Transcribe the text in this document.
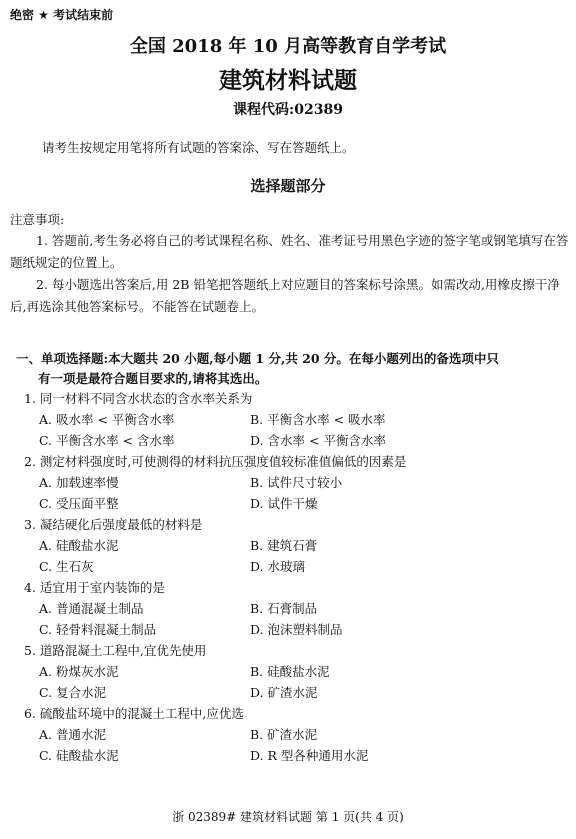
绝密 ★ 考试结束前
全国 2018 年 10 月高等教育自学考试
建筑材料试题
课程代码:02389
请考生按规定用笔将所有试题的答案涂、写在答题纸上。
选择题部分
注意事项:
1. 答题前,考生务必将自己的考试课程名称、姓名、准考证号用黑色字迹的签字笔或钢笔填写在答题纸规定的位置上。
2. 每小题选出答案后,用 2B 铅笔把答题纸上对应题目的答案标号涂黑。如需改动,用橡皮擦干净后,再选涂其他答案标号。不能答在试题卷上。
一、单项选择题:本大题共 20 小题,每小题 1 分,共 20 分。在每小题列出的备选项中只
有一项是最符合题目要求的,请将其选出。
1. 同一材料不同含水状态的含水率关系为
A. 吸水率 < 平衡含水率	B. 平衡含水率 < 吸水率
C. 平衡含水率 < 含水率	D. 含水率 < 平衡含水率
2. 测定材料强度时,可使测得的材料抗压强度值较标准值偏低的因素是
A. 加载速率慢	B. 试件尺寸较小
C. 受压面平整	D. 试件干燥
3. 凝结硬化后强度最低的材料是
A. 硅酸盐水泥	B. 建筑石膏
C. 生石灰	D. 水玻璃
4. 适宜用于室内装饰的是
A. 普通混凝土制品	B. 石膏制品
C. 轻骨料混凝土制品	D. 泡沫塑料制品
5. 道路混凝土工程中,宜优先使用
A. 粉煤灰水泥	B. 硅酸盐水泥
C. 复合水泥	D. 矿渣水泥
6. 硫酸盐环境中的混凝土工程中,应优选
A. 普通水泥	B. 矿渣水泥
C. 硅酸盐水泥	D. R 型各种通用水泥
浙 02389# 建筑材料试题 第 1 页(共 4 页)
